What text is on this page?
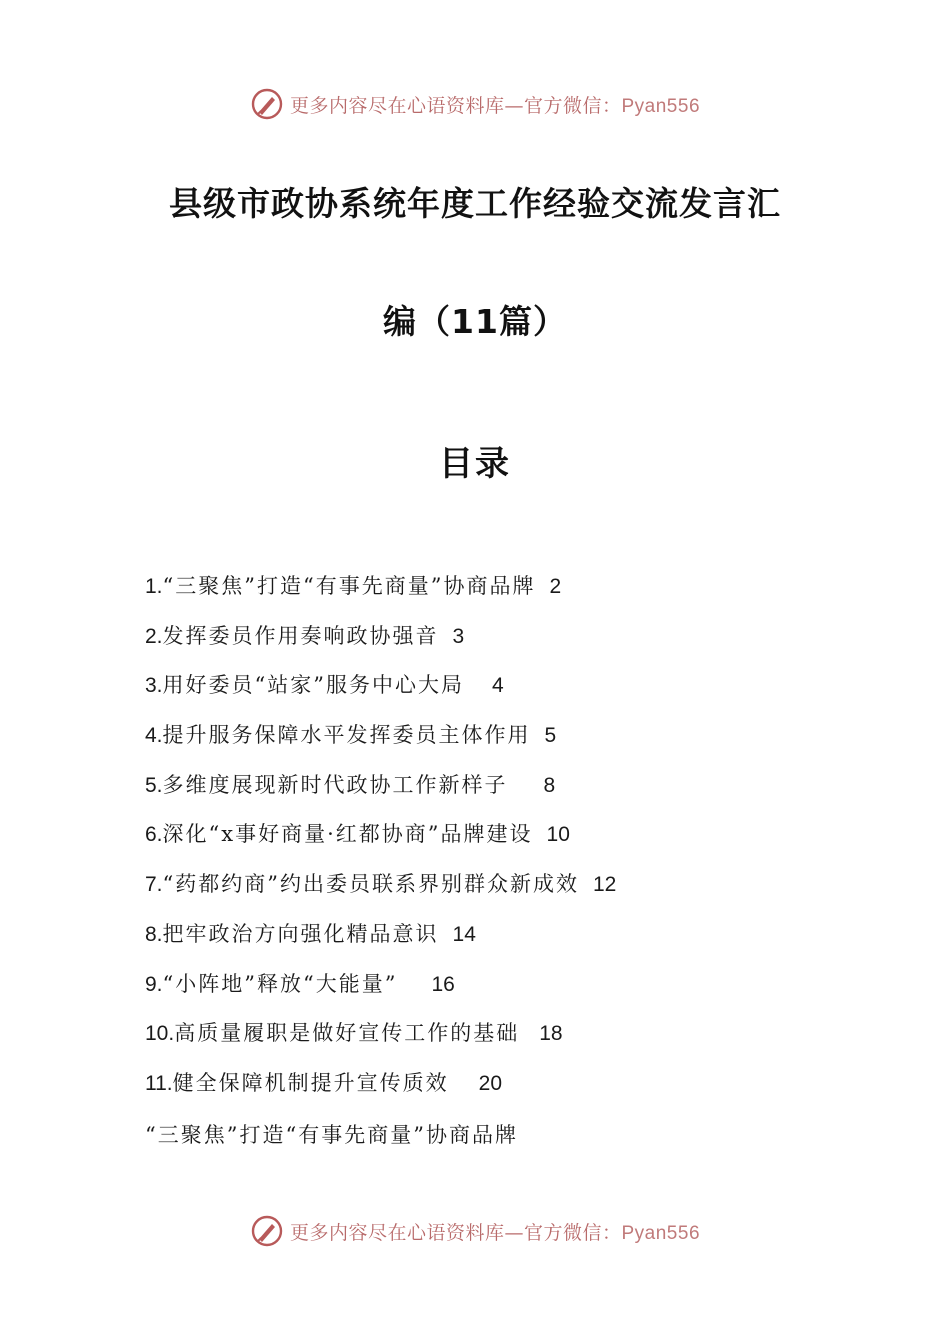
更多内容尽在心语资料库—官方微信：Pyan556
县级市政协系统年度工作经验交流发言汇
编（11篇）
目录
1.“三聚焦”打造“有事先商量”协商品牌 2
2.发挥委员作用奏响政协强音 3
3.用好委员“站家”服务中心大局 4
4.提升服务保障水平发挥委员主体作用 5
5.多维度展现新时代政协工作新样子 8
6.深化“x事好商量·红都协商”品牌建设 10
7.“药都约商”约出委员联系界别群众新成效 12
8.把牢政治方向强化精品意识 14
9.“小阵地”释放“大能量” 16
10.高质量履职是做好宣传工作的基础 18
11.健全保障机制提升宣传质效 20
“三聚焦”打造“有事先商量”协商品牌
更多内容尽在心语资料库—官方微信：Pyan556
